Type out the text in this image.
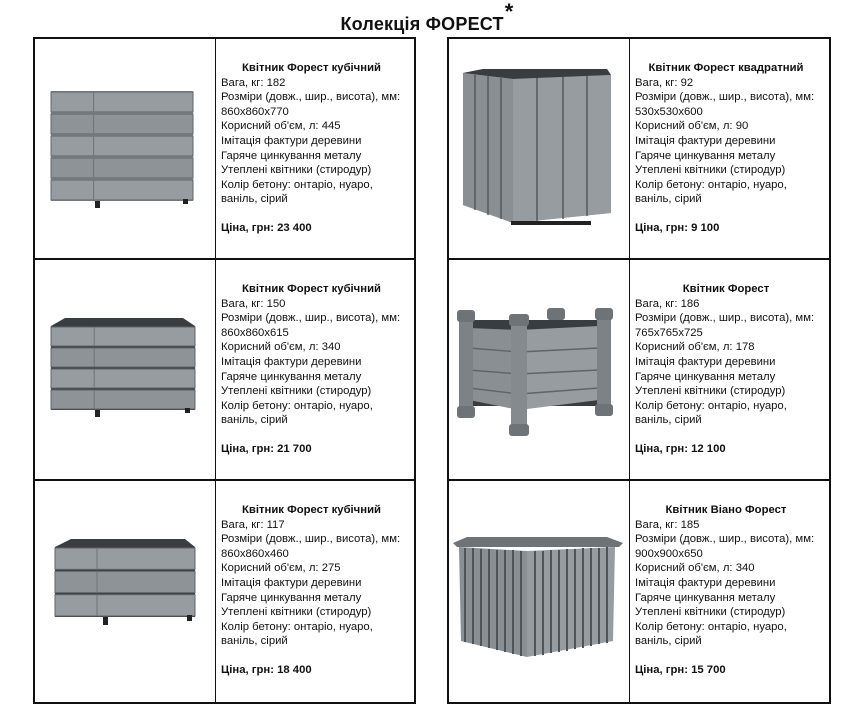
Колекція ФОРЕСТ*
Квітник Форест кубічний
Вага, кг: 182
Розміри (довж., шир., висота), мм:
860х860х770
Корисний об'єм, л: 445
Імітація фактури деревини
Гаряче цинкування металу
Утеплені квітники (стиродур)
Колір бетону: онтаріо, нуаро, ваніль, сірий
Ціна, грн: 23 400
Квітник Форест квадратний
Вага, кг: 92
Розміри (довж., шир., висота), мм:
530х530х600
Корисний об'єм, л: 90
Імітація фактури деревини
Гаряче цинкування металу
Утеплені квітники (стиродур)
Колір бетону: онтаріо, нуаро, ваніль, сірий
Ціна, грн: 9 100
Квітник Форест кубічний
Вага, кг: 150
Розміри (довж., шир., висота), мм:
860х860х615
Корисний об'єм, л: 340
Імітація фактури деревини
Гаряче цинкування металу
Утеплені квітники (стиродур)
Колір бетону: онтаріо, нуаро, ваніль, сірий
Ціна, грн: 21 700
Квітник Форест
Вага, кг: 186
Розміри (довж., шир., висота), мм:
765х765х725
Корисний об'єм, л: 178
Імітація фактури деревини
Гаряче цинкування металу
Утеплені квітники (стиродур)
Колір бетону: онтаріо, нуаро, ваніль, сірий
Ціна, грн: 12 100
Квітник Форест кубічний
Вага, кг: 117
Розміри (довж., шир., висота), мм:
860х860х460
Корисний об'єм, л: 275
Імітація фактури деревини
Гаряче цинкування металу
Утеплені квітники (стиродур)
Колір бетону: онтаріо, нуаро, ваніль, сірий
Ціна, грн: 18 400
Квітник Віано Форест
Вага, кг: 185
Розміри (довж., шир., висота), мм:
900х900х650
Корисний об'єм, л: 340
Імітація фактури деревини
Гаряче цинкування металу
Утеплені квітники (стиродур)
Колір бетону: онтаріо, нуаро, ваніль, сірий
Ціна, грн: 15 700
